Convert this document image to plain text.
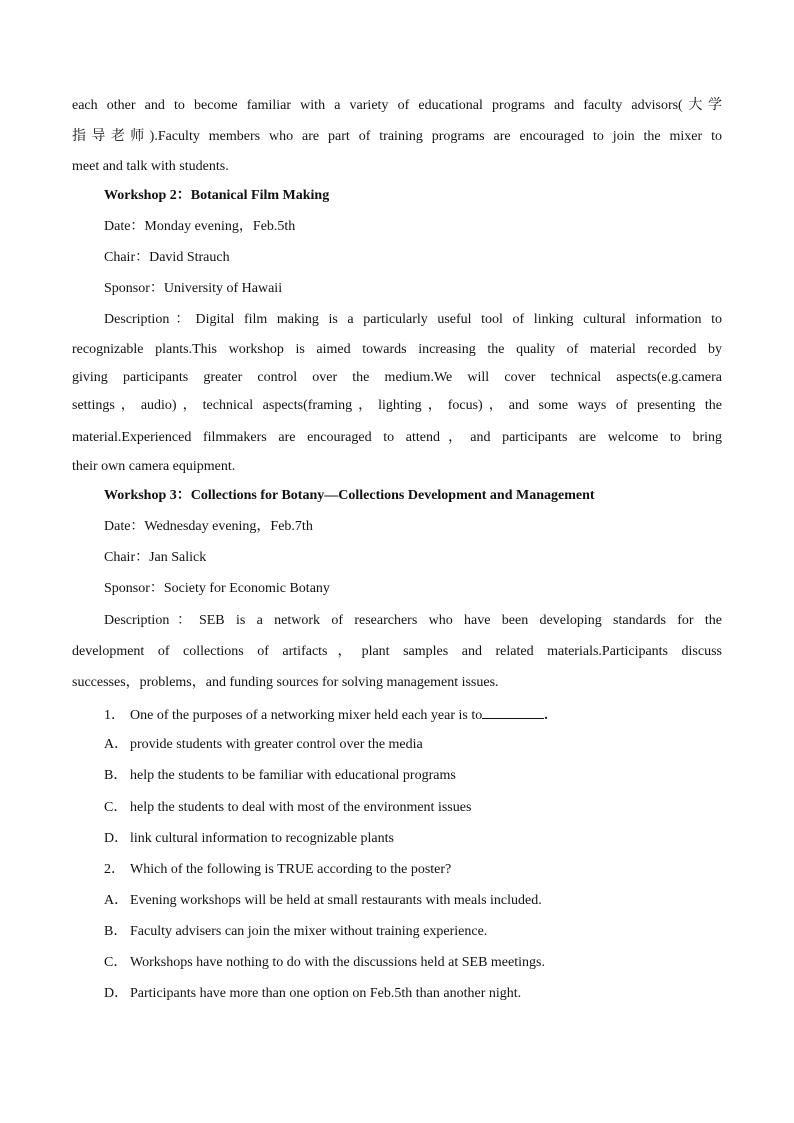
each other and to become familiar with a variety of educational programs and faculty advisors(大学
指导老师).Faculty members who are part of training programs are encouraged to join the mixer to
meet and talk with students.
Workshop 2：Botanical Film Making
Date：Monday evening，Feb.5th
Chair：David Strauch
Sponsor：University of Hawaii
Description：Digital film making is a particularly useful tool of linking cultural information to
recognizable plants.This workshop is aimed towards increasing the quality of material recorded by
giving participants greater control over the medium.We will cover technical aspects(e.g.camera
settings，audio)，technical aspects(framing，lighting，focus)，and some ways of presenting the
material.Experienced filmmakers are encouraged to attend，and participants are welcome to bring
their own camera equipment.
Workshop 3：Collections for Botany—Collections Development and Management
Date：Wednesday evening，Feb.7th
Chair：Jan Salick
Sponsor：Society for Economic Botany
Description：SEB is a network of researchers who have been developing standards for the
development of collections of artifacts，plant samples and related materials.Participants discuss
successes，problems，and funding sources for solving management issues.
1． One of the purposes of a networking mixer held each year is to	.
A． provide students with greater control over the media
B． help the students to be familiar with educational programs
C． help the students to deal with most of the environment issues
D． link cultural information to recognizable plants
2． Which of the following is TRUE according to the poster?
A． Evening workshops will be held at small restaurants with meals included.
B． Faculty advisers can join the mixer without training experience.
C． Workshops have nothing to do with the discussions held at SEB meetings.
D． Participants have more than one option on Feb.5th than another night.
